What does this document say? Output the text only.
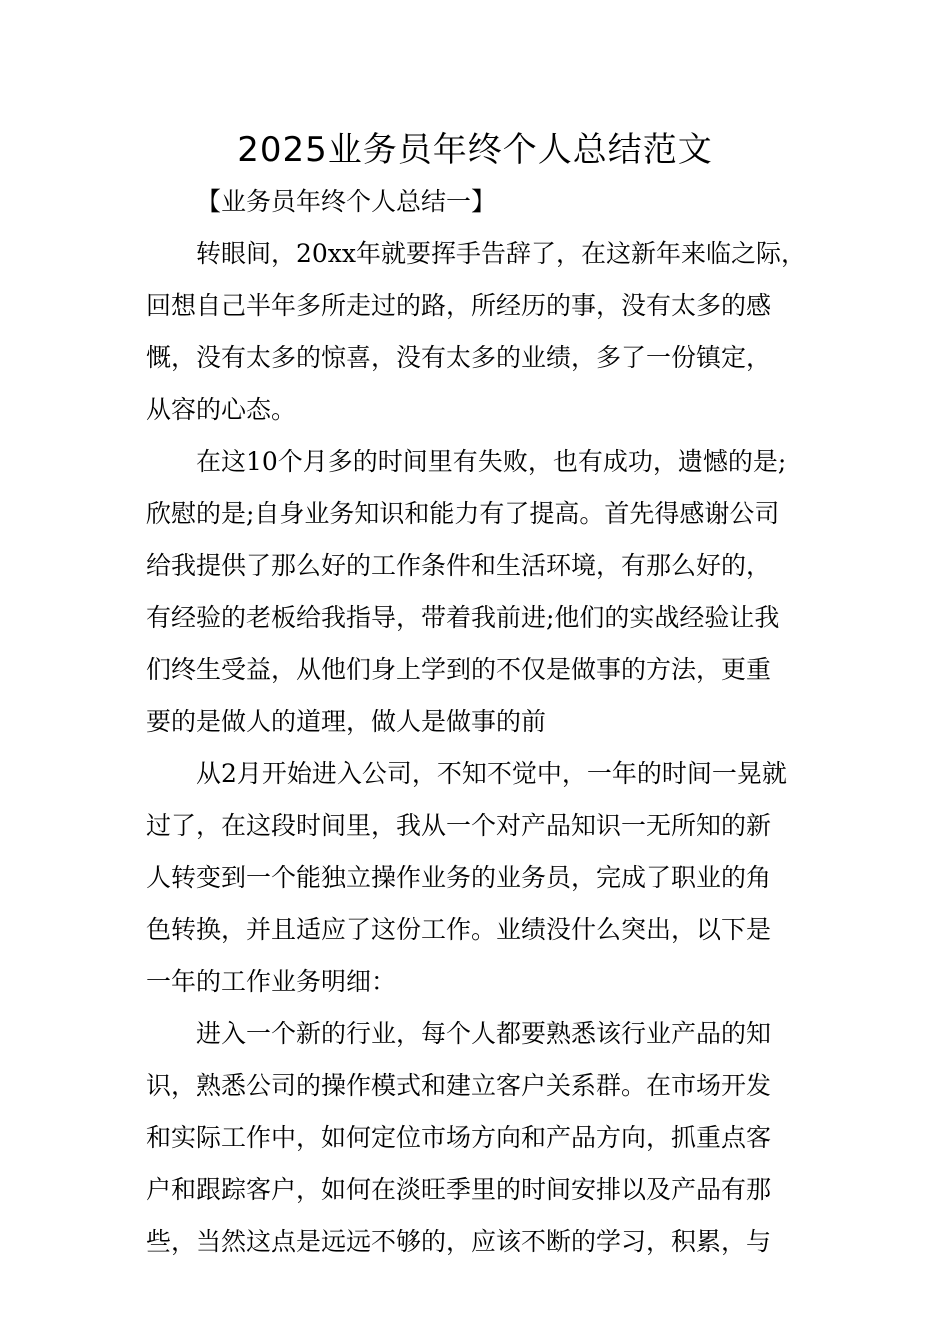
2025业务员年终个人总结范文
【业务员年终个人总结一】
转眼间，20xx年就要挥手告辞了，在这新年来临之际，
回想自己半年多所走过的路，所经历的事，没有太多的感
慨，没有太多的惊喜，没有太多的业绩，多了一份镇定，
从容的心态。
在这10个月多的时间里有失败，也有成功，遗憾的是;
欣慰的是;自身业务知识和能力有了提高。首先得感谢公司
给我提供了那么好的工作条件和生活环境，有那么好的，
有经验的老板给我指导，带着我前进;他们的实战经验让我
们终生受益，从他们身上学到的不仅是做事的方法，更重
要的是做人的道理，做人是做事的前
从2月开始进入公司，不知不觉中，一年的时间一晃就
过了，在这段时间里，我从一个对产品知识一无所知的新
人转变到一个能独立操作业务的业务员，完成了职业的角
色转换，并且适应了这份工作。业绩没什么突出，以下是
一年的工作业务明细：
进入一个新的行业，每个人都要熟悉该行业产品的知
识，熟悉公司的操作模式和建立客户关系群。在市场开发
和实际工作中，如何定位市场方向和产品方向，抓重点客
户和跟踪客户，如何在淡旺季里的时间安排以及产品有那
些，当然这点是远远不够的，应该不断的学习，积累，与
